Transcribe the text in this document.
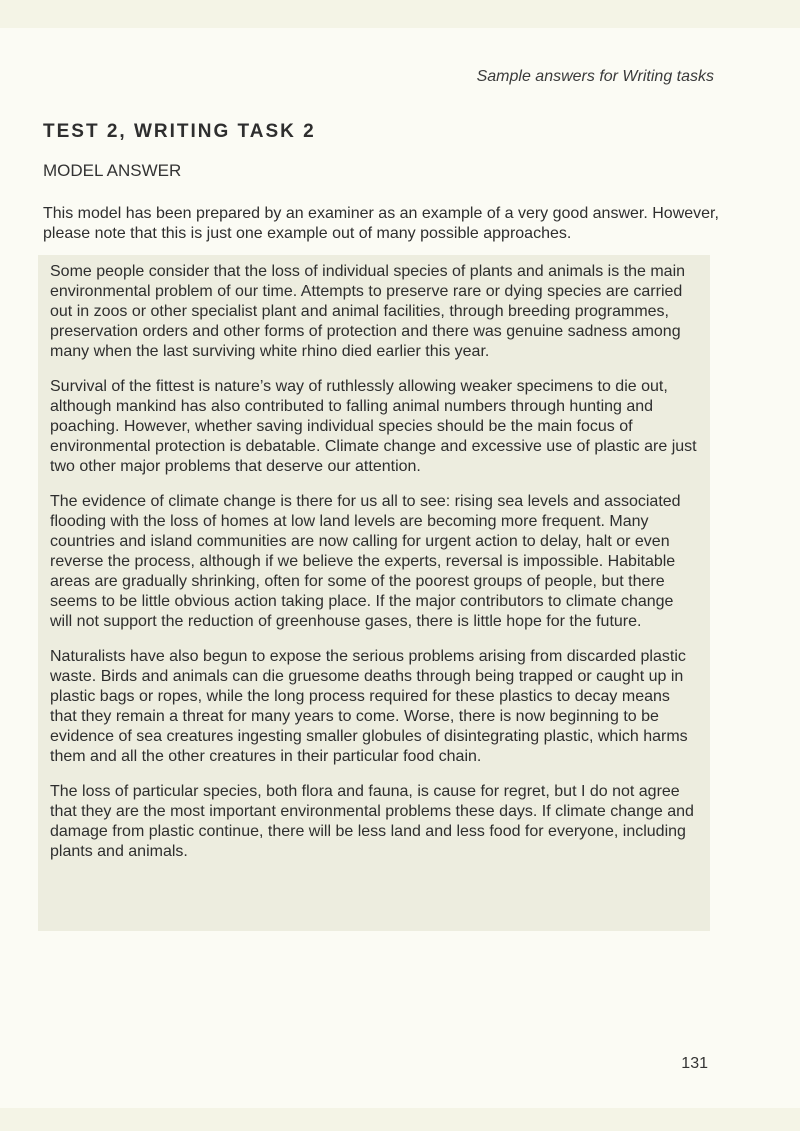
Sample answers for Writing tasks
TEST 2, WRITING TASK 2
MODEL ANSWER
This model has been prepared by an examiner as an example of a very good answer. However, please note that this is just one example out of many possible approaches.

Some people consider that the loss of individual species of plants and animals is the main environmental problem of our time. Attempts to preserve rare or dying species are carried out in zoos or other specialist plant and animal facilities, through breeding programmes, preservation orders and other forms of protection and there was genuine sadness among many when the last surviving white rhino died earlier this year.

Survival of the fittest is nature’s way of ruthlessly allowing weaker specimens to die out, although mankind has also contributed to falling animal numbers through hunting and poaching. However, whether saving individual species should be the main focus of environmental protection is debatable. Climate change and excessive use of plastic are just two other major problems that deserve our attention.

The evidence of climate change is there for us all to see: rising sea levels and associated flooding with the loss of homes at low land levels are becoming more frequent. Many countries and island communities are now calling for urgent action to delay, halt or even reverse the process, although if we believe the experts, reversal is impossible. Habitable areas are gradually shrinking, often for some of the poorest groups of people, but there seems to be little obvious action taking place. If the major contributors to climate change will not support the reduction of greenhouse gases, there is little hope for the future.

Naturalists have also begun to expose the serious problems arising from discarded plastic waste. Birds and animals can die gruesome deaths through being trapped or caught up in plastic bags or ropes, while the long process required for these plastics to decay means that they remain a threat for many years to come. Worse, there is now beginning to be evidence of sea creatures ingesting smaller globules of disintegrating plastic, which harms them and all the other creatures in their particular food chain.

The loss of particular species, both flora and fauna, is cause for regret, but I do not agree that they are the most important environmental problems these days. If climate change and damage from plastic continue, there will be less land and less food for everyone, including plants and animals.

131
